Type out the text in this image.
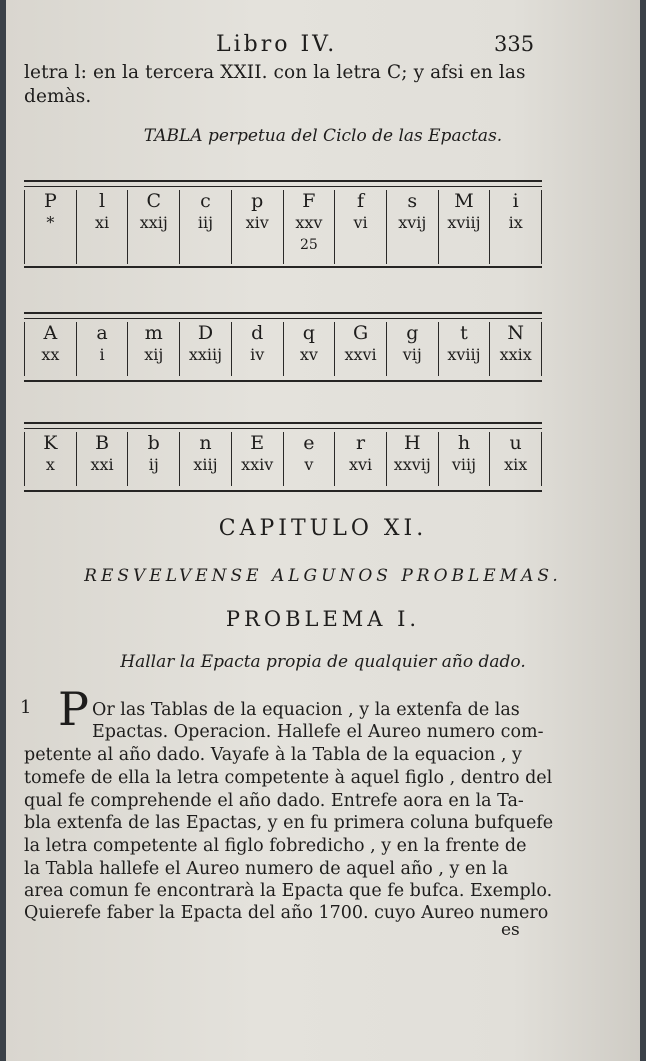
Libro IV.	335
letra l: en la tercera XXII. con la letra C; y afsi en las
demàs.
TABLA perpetua del Ciclo de las Epactas.
P
*
l
xi
C
xxij
c
iij
p
xiv
F
xxv
25
f
vi
s
xvij
M
xviij
i
ix
A
xx
a
i
m
xij
D
xxiij
d
iv
q
xv
G
xxvi
g
vij
t
xviij
N
xxix
K
x
B
xxi
b
ij
n
xiij
E
xxiv
e
v
r
xvi
H
xxvij
h
viij
u
xix
CAPITULO XI.
RESVELVENSE ALGUNOS PROBLEMAS.
PROBLEMA I.
Hallar la Epacta propia de qualquier año dado.
1 P Or las Tablas de la equacion , y la extenfa de las
Epactas. Operacion. Hallefe el Aureo numero com-
petente al año dado. Vayafe à la Tabla de la equacion , y
tomefe de ella la letra competente à aquel figlo , dentro del
qual fe comprehende el año dado. Entrefe aora en la Ta-
bla extenfa de las Epactas, y en fu primera coluna bufquefe
la letra competente al figlo fobredicho , y en la frente de
la Tabla hallefe el Aureo numero de aquel año , y en la
area comun fe encontrarà la Epacta que fe bufca. Exemplo.
Quierefe faber la Epacta del año 1700. cuyo Aureo numero
es
